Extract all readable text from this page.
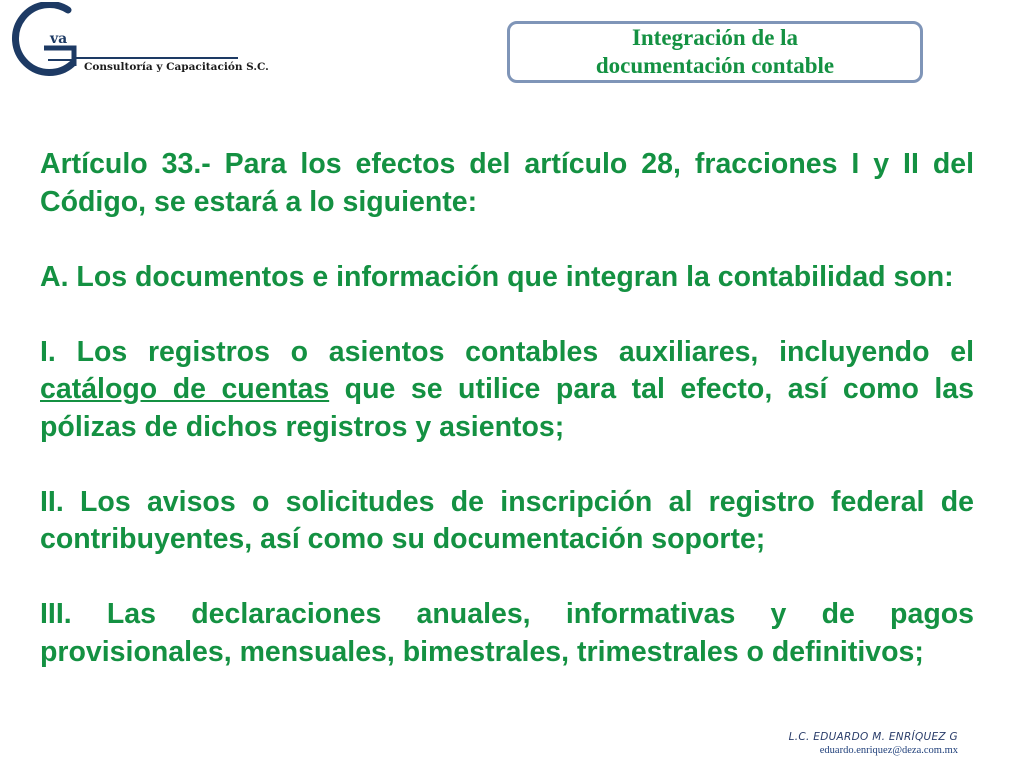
va
Consultoría y Capacitación S.C.
Integración de la
documentación contable

Artículo 33.- Para los efectos del artículo 28, fracciones I y II del Código, se estará a lo siguiente:

A. Los documentos e información que integran la contabilidad son:

I. Los registros o asientos contables auxiliares, incluyendo el catálogo de cuentas que se utilice para tal efecto, así como las pólizas de dichos registros y asientos;

II. Los avisos o solicitudes de inscripción al registro federal de contribuyentes, así como su documentación soporte;

III. Las declaraciones anuales, informativas y de pagos provisionales, mensuales, bimestrales, trimestrales o definitivos;

L.C. EDUARDO M. ENRÍQUEZ G
eduardo.enriquez@deza.com.mx
